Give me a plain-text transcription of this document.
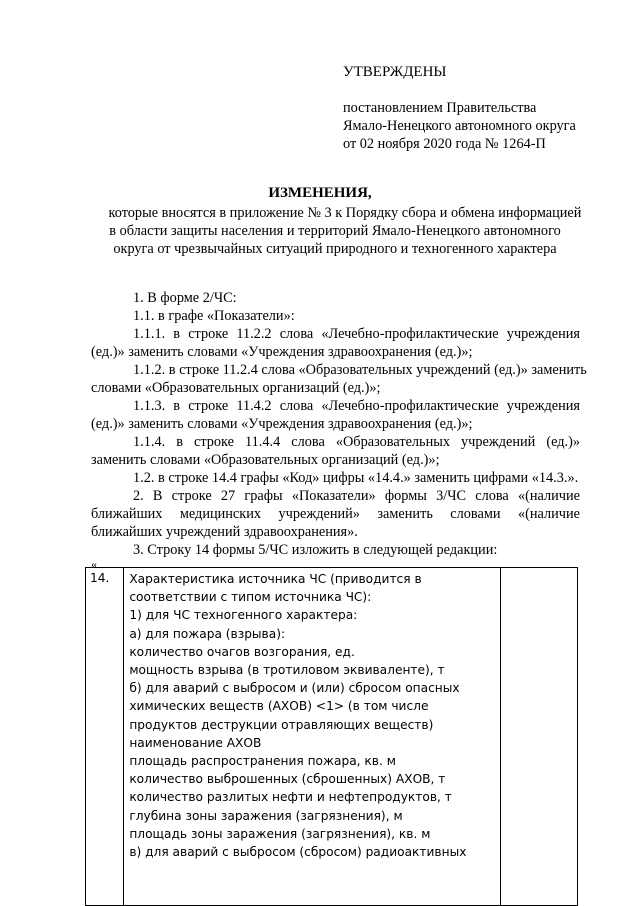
УТВЕРЖДЕНЫ
постановлением Правительства
Ямало-Ненецкого автономного округа
от 02 ноября 2020 года № 1264-П
ИЗМЕНЕНИЯ,
которые вносятся в приложение № 3 к Порядку сбора и обмена информацией
в области защиты населения и территорий Ямало-Ненецкого автономного
округа от чрезвычайных ситуаций природного и техногенного характера
1. В форме 2/ЧС:
1.1. в графе «Показатели»:
1.1.1. в строке 11.2.2 слова «Лечебно-профилактические учреждения
(ед.)» заменить словами «Учреждения здравоохранения (ед.)»;
1.1.2. в строке 11.2.4 слова «Образовательных учреждений (ед.)» заменить
словами «Образовательных организаций (ед.)»;
1.1.3. в строке 11.4.2 слова «Лечебно-профилактические учреждения
(ед.)» заменить словами «Учреждения здравоохранения (ед.)»;
1.1.4. в строке 11.4.4 слова «Образовательных учреждений (ед.)»
заменить словами «Образовательных организаций (ед.)»;
1.2. в строке 14.4 графы «Код» цифры «14.4.» заменить цифрами «14.3.».
2. В строке 27 графы «Показатели» формы 3/ЧС слова «(наличие
ближайших медицинских учреждений» заменить словами «(наличие
ближайших учреждений здравоохранения».
3. Строку 14 формы 5/ЧС изложить в следующей редакции:
«
14.	Характеристика источника ЧС (приводится в
соответствии с типом источника ЧС):
1) для ЧС техногенного характера:
а) для пожара (взрыва):
количество очагов возгорания, ед.
мощность взрыва (в тротиловом эквиваленте), т
б) для аварий с выбросом и (или) сбросом опасных
химических веществ (АХОВ) <1> (в том числе
продуктов деструкции отравляющих веществ)
наименование АХОВ
площадь распространения пожара, кв. м
количество выброшенных (сброшенных) АХОВ, т
количество разлитых нефти и нефтепродуктов, т
глубина зоны заражения (загрязнения), м
площадь зоны заражения (загрязнения), кв. м
в) для аварий с выбросом (сбросом) радиоактивных
